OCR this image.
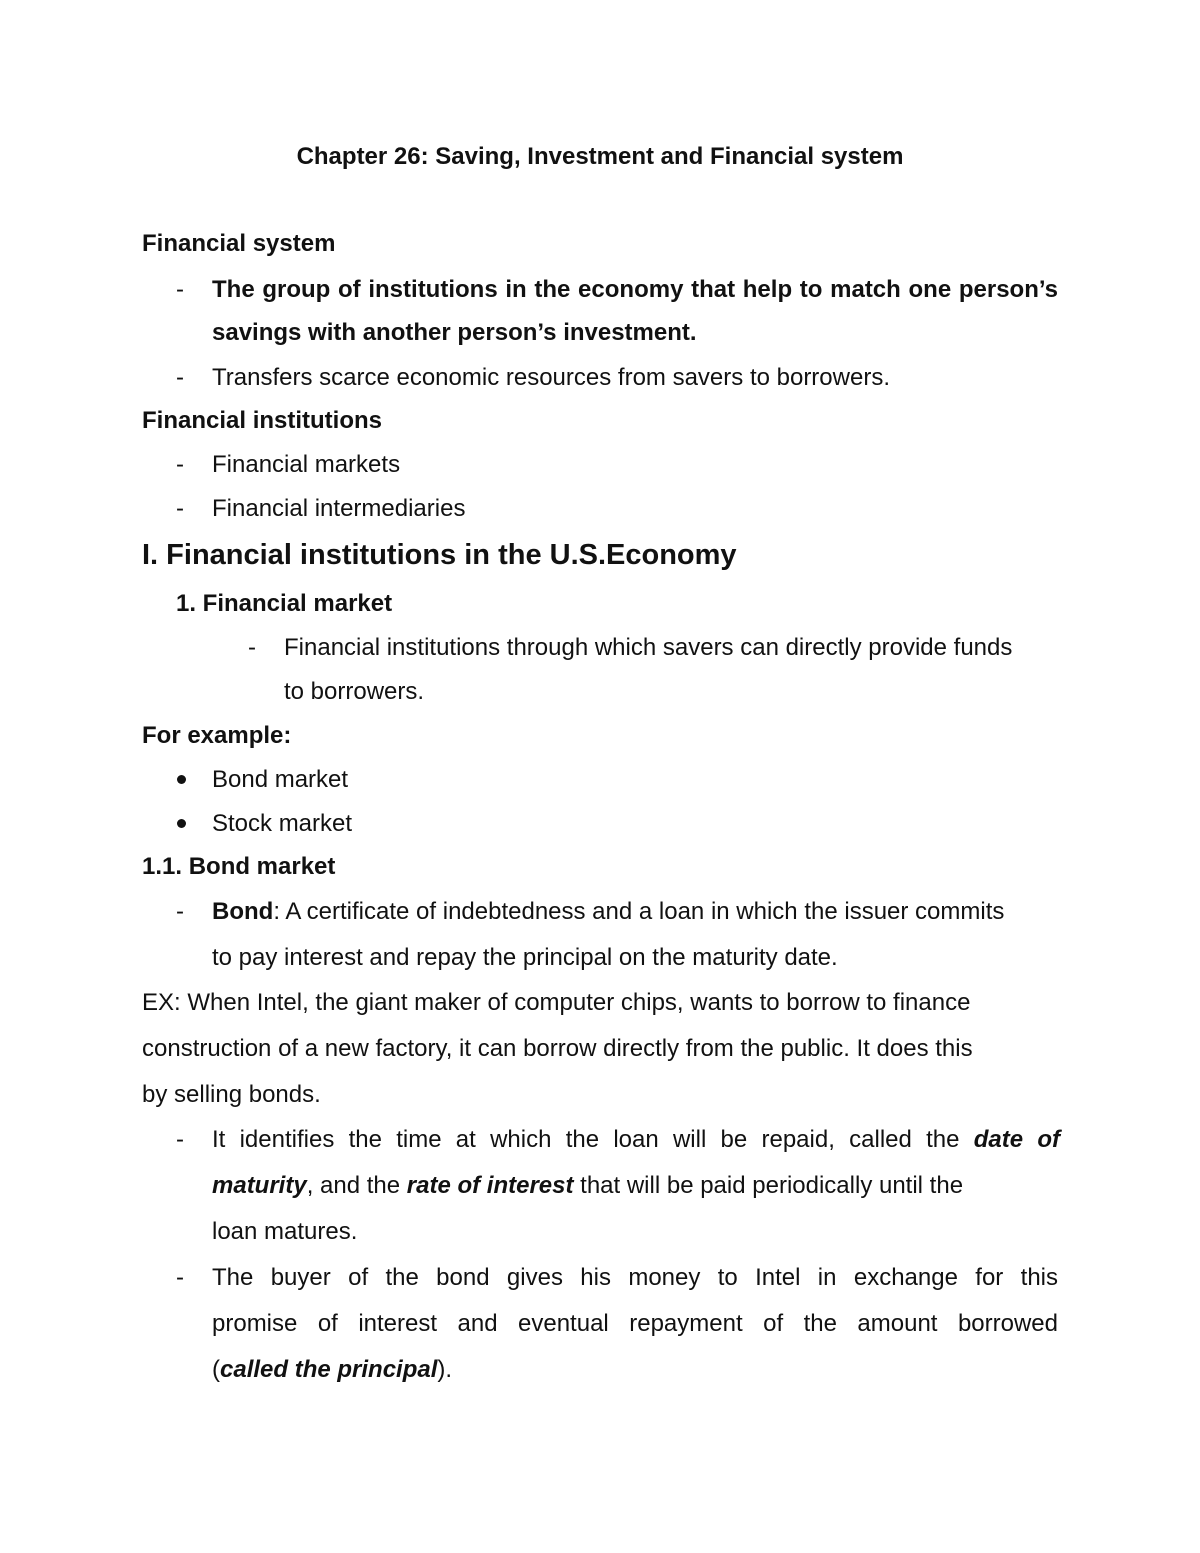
Chapter 26: Saving, Investment and Financial system
Financial system
- The group of institutions in the economy that help to match one person’s
savings with another person’s investment.
- Transfers scarce economic resources from savers to borrowers.
Financial institutions
- Financial markets
- Financial intermediaries
I. Financial institutions in the U.S.Economy
1. Financial market
- Financial institutions through which savers can directly provide funds
to borrowers.
For example:
Bond market
Stock market
1.1. Bond market
- Bond: A certificate of indebtedness and a loan in which the issuer commits
to pay interest and repay the principal on the maturity date.
EX: When Intel, the giant maker of computer chips, wants to borrow to finance
construction of a new factory, it can borrow directly from the public. It does this
by selling bonds.
- It identifies the time at which the loan will be repaid, called the date of
maturity, and the rate of interest that will be paid periodically until the
loan matures.
- The buyer of the bond gives his money to Intel in exchange for this
promise of interest and eventual repayment of the amount borrowed
(called the principal).
